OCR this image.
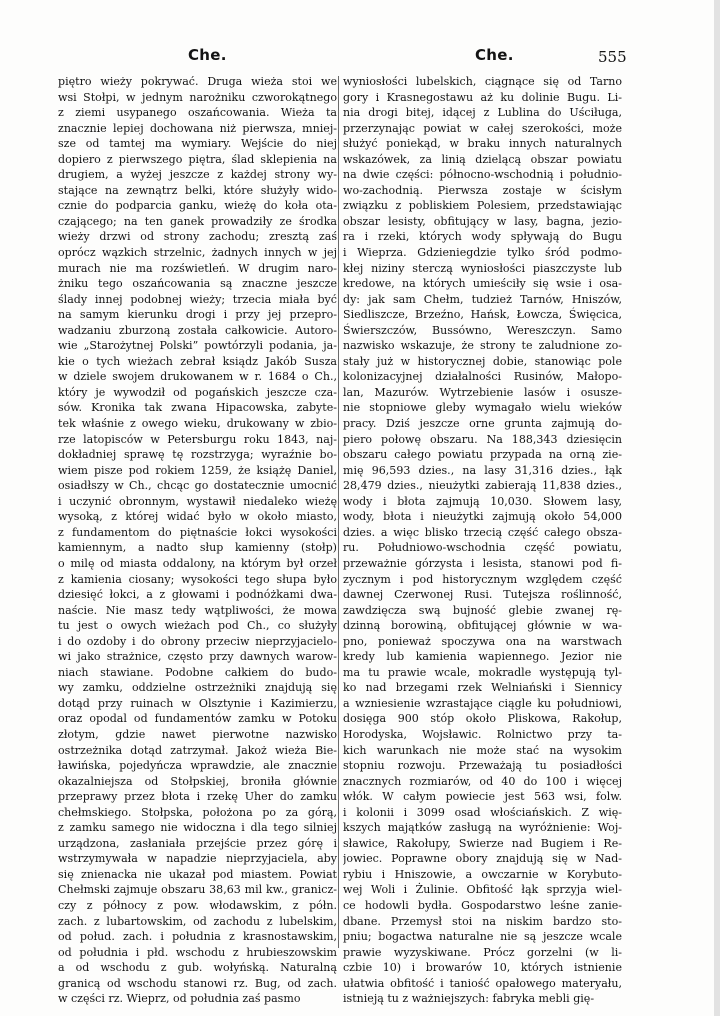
Che.	Che.	555
piętro wieży pokrywać. Druga wieża stoi we
wsi Stołpi, w jednym narożniku czworokątnego
z ziemi usypanego oszańcowania. Wieża ta
znacznie lepiej dochowana niż pierwsza, mniej-
sze od tamtej ma wymiary. Wejście do niej
dopiero z pierwszego piętra, ślad sklepienia na
drugiem, a wyżej jeszcze z każdej strony wy-
stające na zewnątrz belki, które służyły wido-
cznie do podparcia ganku, wieżę do koła ota-
czającego; na ten ganek prowadziły ze środka
wieży drzwi od strony zachodu; zresztą zaś
oprócz wązkich strzelnic, żadnych innych w jej
murach nie ma rozświetleń. W drugim naro-
żniku tego oszańcowania są znaczne jeszcze
ślady innej podobnej wieży; trzecia miała być
na samym kierunku drogi i przy jej przepro-
wadzaniu zburzoną została całkowicie. Autoro-
wie „Starożytnej Polski” powtórzyli podania, ja-
kie o tych wieżach zebrał ksiądz Jakób Susza
w dziele swojem drukowanem w r. 1684 o Ch.,
który je wywodził od pogańskich jeszcze cza-
sów. Kronika tak zwana Hipacowska, zabyte-
tek właśnie z owego wieku, drukowany w zbio-
rze latopisców w Petersburgu roku 1843, naj-
dokładniej sprawę tę rozstrzyga; wyraźnie bo-
wiem pisze pod rokiem 1259, że książę Daniel,
osiadłszy w Ch., chcąc go dostatecznie umocnić
i uczynić obronnym, wystawił niedaleko wieżę
wysoką, z której widać było w około miasto,
z fundamentom do piętnaście łokci wysokości
kamiennym, a nadto słup kamienny (stołp)
o milę od miasta oddalony, na którym był orzeł
z kamienia ciosany; wysokości tego słupa było
dziesięć łokci, a z głowami i podnóżkami dwa-
naście. Nie masz tedy wątpliwości, że mowa
tu jest o owych wieżach pod Ch., co służyły
i do ozdoby i do obrony przeciw nieprzyjacielo-
wi jako strażnice, często przy dawnych warow-
niach stawiane. Podobne całkiem do budo-
wy zamku, oddzielne ostrzeżniki znajdują się
dotąd przy ruinach w Olsztynie i Kazimierzu,
oraz opodal od fundamentów zamku w Potoku
złotym, gdzie nawet pierwotne nazwisko
ostrzeżnika dotąd zatrzymał. Jakoż wieża Bie-
ławińska, pojedyńcza wprawdzie, ale znacznie
okazalniejsza od Stołpskiej, broniła głównie
przeprawy przez błota i rzekę Uher do zamku
chełmskiego. Stołpska, położona po za górą,
z zamku samego nie widoczna i dla tego silniej
urządzona, zasłaniała przejście przez górę i
wstrzymywała w napadzie nieprzyjaciela, aby
się znienacka nie ukazał pod miastem. Powiat
Chełmski zajmuje obszaru 38,63 mil kw., granicz-
czy z północy z pow. włodawskim, z półn.
zach. z lubartowskim, od zachodu z lubelskim,
od połud. zach. i południa z krasnostawskim,
od południa i płd. wschodu z hrubieszowskim
a od wschodu z gub. wołyńską. Naturalną
granicą od wschodu stanowi rz. Bug, od zach.
w części rz. Wieprz, od południa zaś pasmo
wyniosłości lubelskich, ciągnące się od Tarno
gory i Krasnegostawu aż ku dolinie Bugu. Li-
nia drogi bitej, idącej z Lublina do Uściługa,
przerzynając powiat w całej szerokości, może
służyć poniekąd, w braku innych naturalnych
wskazówek, za linią dzielącą obszar powiatu
na dwie części: północno-wschodnią i południo-
wo-zachodnią. Pierwsza zostaje w ścisłym
związku z pobliskiem Polesiem, przedstawiając
obszar lesisty, obfitujący w lasy, bagna, jezio-
ra i rzeki, których wody spływają do Bugu
i Wieprza. Gdzieniegdzie tylko śród podmo-
kłej niziny sterczą wyniosłości piaszczyste lub
kredowe, na których umieściły się wsie i osa-
dy: jak sam Chełm, tudzież Tarnów, Hniszów,
Siedliszcze, Brzeźno, Hańsk, Łowcza, Święcica,
Świerszczów, Bussówno, Wereszczyn. Samo
nazwisko wskazuje, że strony te zaludnione zo-
stały już w historycznej dobie, stanowiąc pole
kolonizacyjnej działalności Rusinów, Małopo-
lan, Mazurów. Wytrzebienie lasów i osusze-
nie stopniowe gleby wymagało wielu wieków
pracy. Dziś jeszcze orne grunta zajmują do-
piero połowę obszaru. Na 188,343 dziesięcin
obszaru całego powiatu przypada na orną zie-
mię 96,593 dzies., na lasy 31,316 dzies., łąk
28,479 dzies., nieużytki zabierają 11,838 dzies.,
wody i błota zajmują 10,030. Słowem lasy,
wody, błota i nieużytki zajmują około 54,000
dzies. a więc blisko trzecią część całego obsza-
ru. Południowo-wschodnia część powiatu,
przeważnie górzysta i lesista, stanowi pod fi-
zycznym i pod historycznym względem część
dawnej Czerwonej Rusi. Tutejsza roślinność,
zawdzięcza swą bujność glebie zwanej rę-
dzinną borowiną, obfitującej głównie w wa-
pno, ponieważ spoczywa ona na warstwach
kredy lub kamienia wapiennego. Jezior nie
ma tu prawie wcale, mokradle występują tyl-
ko nad brzegami rzek Welniański i Siennicy
a wzniesienie wzrastające ciągle ku południowi,
dosięga 900 stóp około Pliskowa, Rakołup,
Horodyska, Wojsławic. Rolnictwo przy ta-
kich warunkach nie może stać na wysokim
stopniu rozwoju. Przeważają tu posiadłości
znacznych rozmiarów, od 40 do 100 i więcej
włók. W całym powiecie jest 563 wsi, folw.
i kolonii i 3099 osad włościańskich. Z wię-
kszych majątków zasługą na wyróżnienie: Woj-
sławice, Rakołupy, Swierze nad Bugiem i Re-
jowiec. Poprawne obory znajdują się w Nad-
rybiu i Hniszowie, a owczarnie w Korybuto-
wej Woli i Żulinie. Obfitość łąk sprzyja wiel-
ce hodowli bydła. Gospodarstwo leśne zanie-
dbane. Przemysł stoi na niskim bardzo sto-
pniu; bogactwa naturalne nie są jeszcze wcale
prawie wyzyskiwane. Prócz gorzelni (w li-
czbie 10) i browarów 10, których istnienie
ułatwia obfitość i taniość opałowego materyału,
istnieją tu z ważniejszych: fabryka mebli gię-
